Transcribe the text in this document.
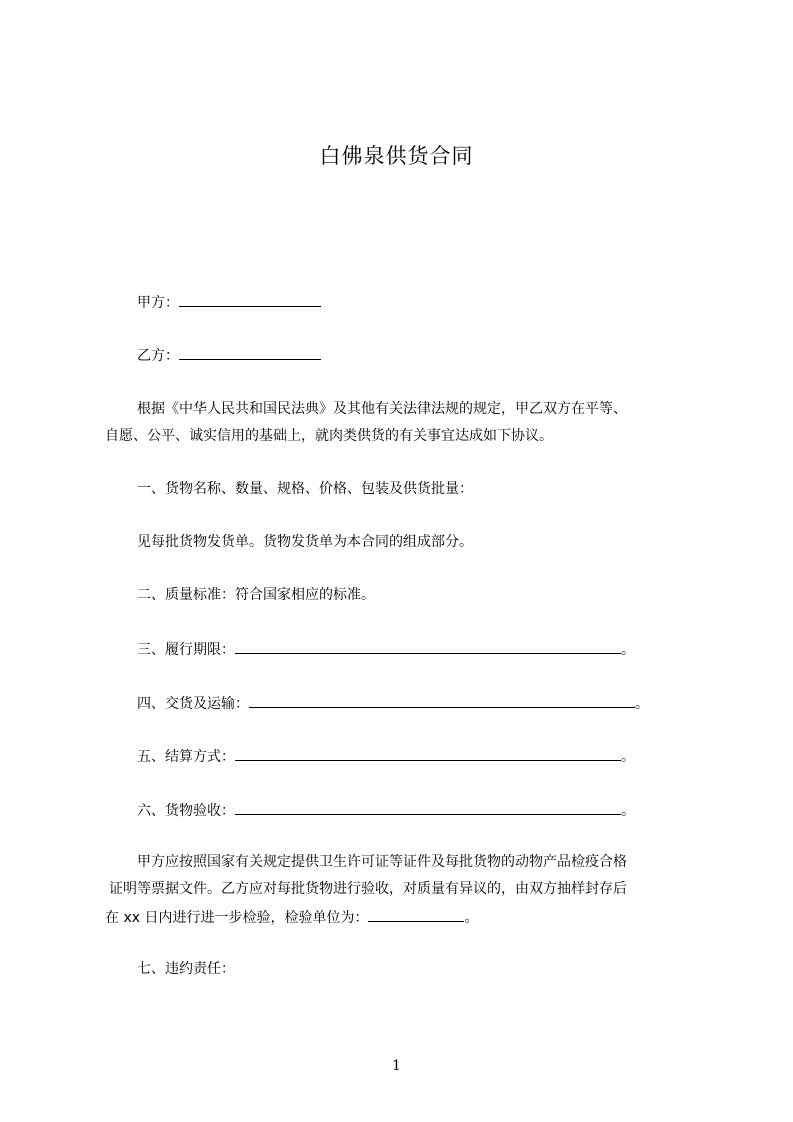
白佛泉供货合同
甲方：
乙方：
根据《中华人民共和国民法典》及其他有关法律法规的规定，甲乙双方在平等、
自愿、公平、诚实信用的基础上，就肉类供货的有关事宜达成如下协议。
一、货物名称、数量、规格、价格、包装及供货批量：
见每批货物发货单。货物发货单为本合同的组成部分。
二、质量标准：符合国家相应的标准。
三、履行期限：	。
四、交货及运输：	。
五、结算方式：	。
六、货物验收：	。
甲方应按照国家有关规定提供卫生许可证等证件及每批货物的动物产品检疫合格
证明等票据文件。乙方应对每批货物进行验收，对质量有异议的，由双方抽样封存后
在 xx 日内进行进一步检验，检验单位为：	。
七、违约责任：
1
